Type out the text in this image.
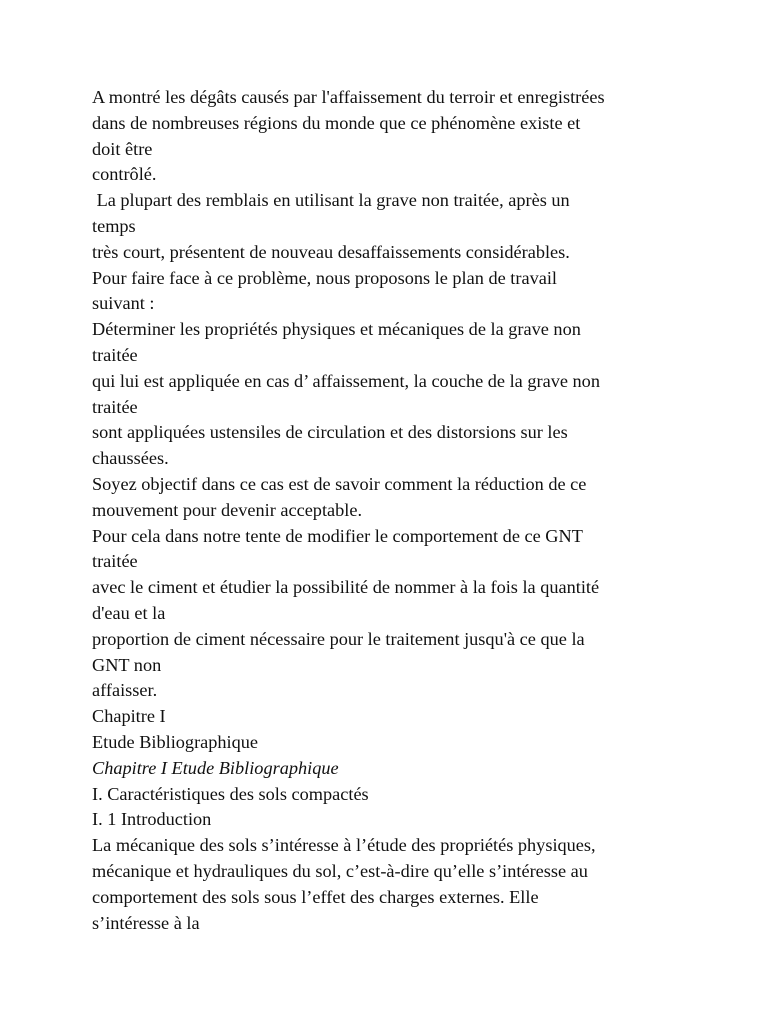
A montré les dégâts causés par l'affaissement du terroir et enregistrées

dans de nombreuses régions du monde que ce phénomène existe et

doit être

contrôlé.

La plupart des remblais en utilisant la grave non traitée, après un

temps

très court, présentent de nouveau desaffaissements considérables.

Pour faire face à ce problème, nous proposons le plan de travail

suivant :

Déterminer les propriétés physiques et mécaniques de la grave non

traitée

qui lui est appliquée en cas d’ affaissement, la couche de la grave non

traitée

sont appliquées ustensiles de circulation et des distorsions sur les

chaussées.

Soyez objectif dans ce cas est de savoir comment la réduction de ce

mouvement pour devenir acceptable.

Pour cela dans notre tente de modifier le comportement de ce GNT

traitée

avec le ciment et étudier la possibilité de nommer à la fois la quantité

d'eau et la

proportion de ciment nécessaire pour le traitement jusqu'à ce que la

GNT non

affaisser.

Chapitre I

Etude Bibliographique

Chapitre I Etude Bibliographique

I. Caractéristiques des sols compactés

I. 1 Introduction

La mécanique des sols s’intéresse à l’étude des propriétés physiques,

mécanique et hydrauliques du sol, c’est-à-dire qu’elle s’intéresse au

comportement des sols sous l’effet des charges externes. Elle

s’intéresse à la
